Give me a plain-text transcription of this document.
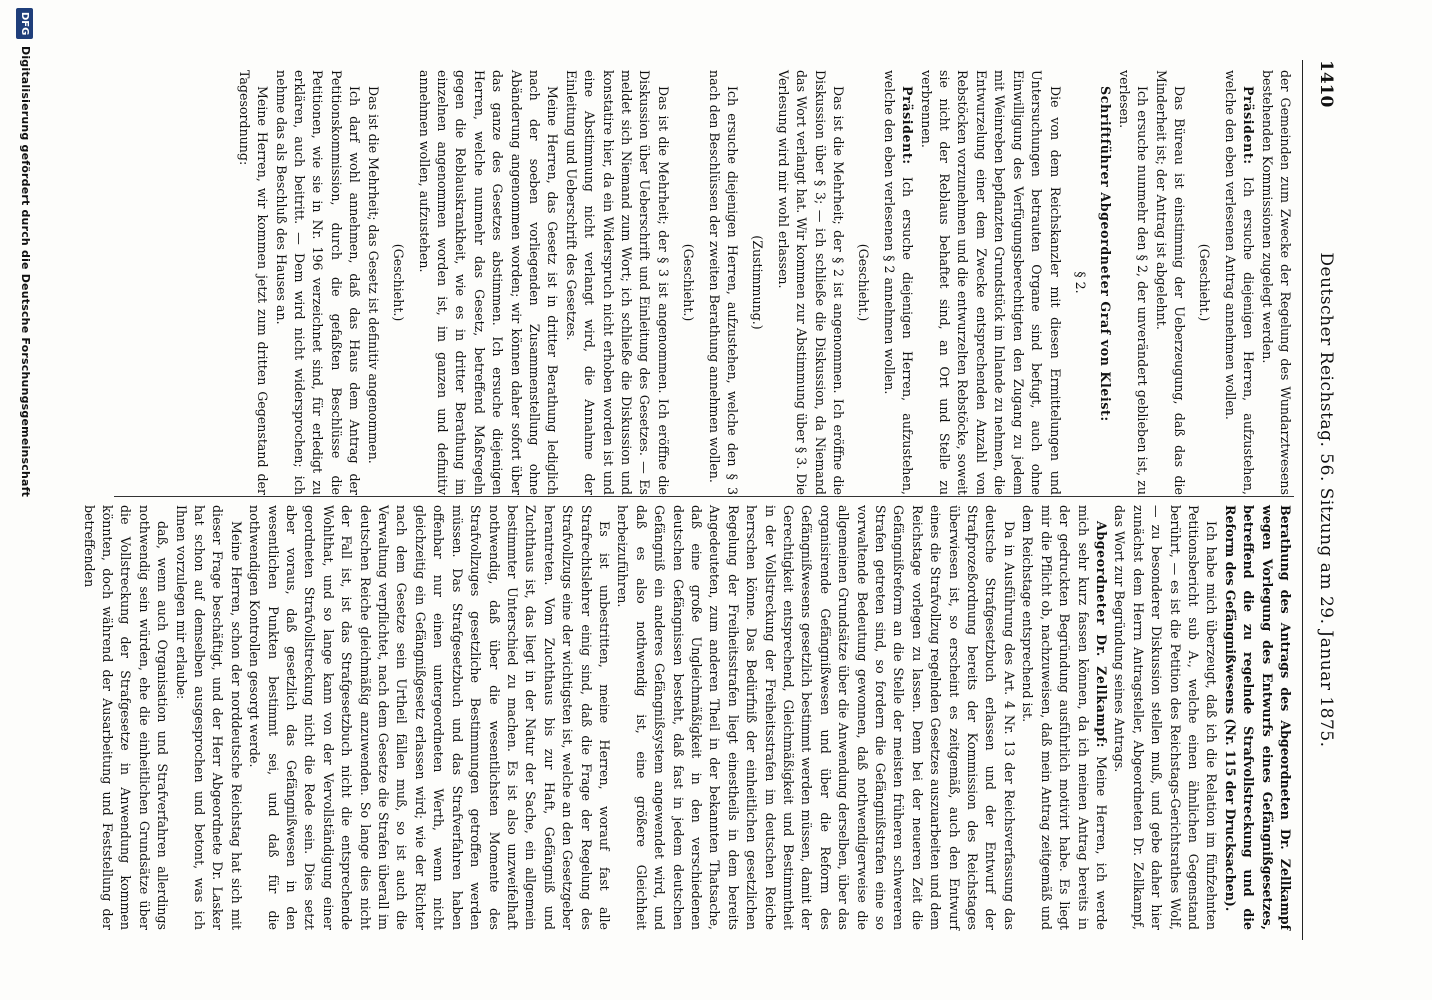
1410
Deutscher Reichstag. 56. Sitzung am 29. Januar 1875.

der Gemeinden zum Zwecke der Regelung des Wundarztwesens bestehenden Kommissionen zugelegt werden.

Präsident: Ich ersuche diejenigen Herren, aufzustehen, welche den eben verlesenen Antrag annehmen wollen.

(Geschieht.)

Das Büreau ist einstimmig der Ueberzeugung, daß das die Minderheit ist; der Antrag ist abgelehnt.

Ich ersuche nunmehr den § 2, der unverändert geblieben ist, zu verlesen.

Schriftführer Abgeordneter Graf von Kleist:

§ 2.

Die von dem Reichskanzler mit diesen Ermittelungen und Untersuchungen betrauten Organe sind befugt, auch ohne Einwilligung des Verfügungsberechtigten den Zugang zu jedem mit Weinreben bepflanzten Grundstück im Inlande zu nehmen, die Entwurzelung einer dem Zwecke entsprechenden Anzahl von Rebstöcken vorzunehmen und die entwurzelten Rebstöcke, soweit sie nicht der Reblaus behaftet sind, an Ort und Stelle zu verbrennen.

Präsident: Ich ersuche diejenigen Herren, aufzustehen, welche den eben verlesenen § 2 annehmen wollen.

(Geschieht.)

Das ist die Mehrheit; der § 2 ist angenommen. Ich eröffne die Diskussion über § 3; — ich schließe die Diskussion, da Niemand das Wort verlangt hat. Wir kommen zur Abstimmung über § 3. Die Verlesung wird mir wohl erlassen.

(Zustimmung.)

Ich ersuche diejenigen Herren, aufzustehen, welche den § 3 nach den Beschlüssen der zweiten Berathung annehmen wollen.

(Geschieht.)

Das ist die Mehrheit; der § 3 ist angenommen. Ich eröffne die Diskussion über Ueberschrift und Einleitung des Gesetzes. — Es meldet sich Niemand zum Wort; ich schließe die Diskussion und konstatire hier, da ein Widerspruch nicht erhoben worden ist und eine Abstimmung nicht verlangt wird, die Annahme der Einleitung und Ueberschrift des Gesetzes.

Meine Herren, das Gesetz ist in dritter Berathung lediglich nach der soeben vorliegenden Zusammenstellung ohne Abänderung angenommen worden; wir können daher sofort über das ganze des Gesetzes abstimmen. Ich ersuche diejenigen Herren, welche nunmehr das Gesetz, betreffend Maßregeln gegen die Reblauskrankheit, wie es in dritter Berathung im einzelnen angenommen worden ist, im ganzen und definitiv annehmen wollen, aufzustehen.

(Geschieht.)

Das ist die Mehrheit; das Gesetz ist definitiv angenommen.

Ich darf wohl annehmen, daß das Haus dem Antrag der Petitionskommission, durch die gefaßten Beschlüsse die Petitionen, wie sie in Nr. 196 verzeichnet sind, für erledigt zu erklären, auch beitritt. — Dem wird nicht widersprochen; ich nehme das als Beschluß des Hauses an.

Meine Herren, wir kommen jetzt zum dritten Gegenstand der Tagesordnung:

Berathung des Antrags des Abgeordneten Dr. Zellkampf wegen Vorlegung des Entwurfs eines Gefängnißgesetzes, betreffend die zu regelnde Strafvollstreckung und die Reform des Gefängnißwesens (Nr. 115 der Drucksachen).

Ich habe mich überzeugt, daß ich die Relation im fünfzehnten Petitionsbericht sub A., welche einen ähnlichen Gegenstand berührt, — es ist die Petition des Reichstags-Gerichtsrathes Wolf, — zu besonderer Diskussion stellen muß, und gebe daher hier zunächst dem Herrn Antragsteller, Abgeordneten Dr. Zellkampf, das Wort zur Begründung seines Antrags.

Abgeordneter Dr. Zellkampf: Meine Herren, ich werde mich sehr kurz fassen können, da ich meinen Antrag bereits in der gedruckten Begründung ausführlich motivirt habe. Es liegt mir die Pflicht ob, nachzuweisen, daß mein Antrag zeitgemäß und dem Reichstage entsprechend ist.

Da in Ausführung des Art. 4 Nr. 13 der Reichsverfassung das deutsche Strafgesetzbuch erlassen und der Entwurf der Strafprozeßordnung bereits der Kommission des Reichstages überwiesen ist, so erscheint es zeitgemäß, auch den Entwurf eines die Strafvollzug regelnden Gesetzes auszuarbeiten und dem Reichstage vorlegen zu lassen. Denn bei der neueren Zeit die Gefängnißreform an die Stelle der meisten früheren schwereren Strafen getreten sind, so fordern die Gefängnißstrafen eine so vorwaltende Bedeutung gewonnen, daß nothwendigerweise die allgemeinen Grundsätze über die Anwendung derselben, über das organisirende Gefängnißwesen und über die Reform des Gefängnißwesens gesetzlich bestimmt werden müssen, damit der Gerechtigkeit entsprechend, Gleichmäßigkeit und Bestimmtheit in der Vollstreckung der Freiheitsstrafen im deutschen Reiche herrschen könne. Das Bedürfniß der einheitlichen gesetzlichen Regelung der Freiheitsstrafen liegt einestheils in dem bereits Angedeuteten, zum anderen Theil in der bekannten Thatsache, daß eine große Ungleichmäßigkeit in den verschiedenen deutschen Gefängnissen besteht, daß fast in jedem deutschen Gefängniß ein anderes Gefängnißsystem angewendet wird, und daß es also nothwendig ist, eine größere Gleichheit herbeizuführen.

Es ist unbestritten, meine Herren, worauf fast alle Strafrechtslehrer einig sind, daß die Frage der Regelung des Strafvollzugs eine der wichtigsten ist, welche an den Gesetzgeber herantreten. Vom Zuchthaus bis zur Haft, Gefängniß und Zuchthaus ist, das liegt in der Natur der Sache, ein allgemein bestimmter Unterschied zu machen. Es ist also unzweifelhaft nothwendig, daß über die wesentlichsten Momente des Strafvollzuges gesetzliche Bestimmungen getroffen werden müssen. Das Strafgesetzbuch und das Strafverfahren haben offenbar nur einen untergeordneten Werth, wenn nicht gleichzeitig ein Gefängnißgesetz erlassen wird; wie der Richter nach dem Gesetze sein Urtheil fällen muß, so ist auch die Verwaltung verpflichtet, nach dem Gesetze die Strafen überall im deutschen Reiche gleichmäßig anzuwenden. So lange dies nicht der Fall ist, ist das Strafgesetzbuch nicht die entsprechende Wohlthat, und so lange kann von der Vervollständigung einer geordneten Strafvollstreckung nicht die Rede sein. Dies setzt aber voraus, daß gesetzlich das Gefängnißwesen in den wesentlichen Punkten bestimmt sei, und daß für die nothwendigen Kontrollen gesorgt werde.

Meine Herren, schon der norddeutsche Reichstag hat sich mit dieser Frage beschäftigt, und der Herr Abgeordnete Dr. Lasker hat schon auf demselben ausgesprochen und betont, was ich Ihnen vorzulegen mir erlaube:

daß, wenn auch Organisation und Strafverfahren allerdings nothwendig sein würden, ehe die einheitlichen Grundsätze über die Vollstreckung der Strafgesetze in Anwendung kommen könnten, doch während der Ausarbeitung und Feststellung der betreffenden

DFG
Digitalisierung gefördert durch die Deutsche Forschungsgemeinschaft
